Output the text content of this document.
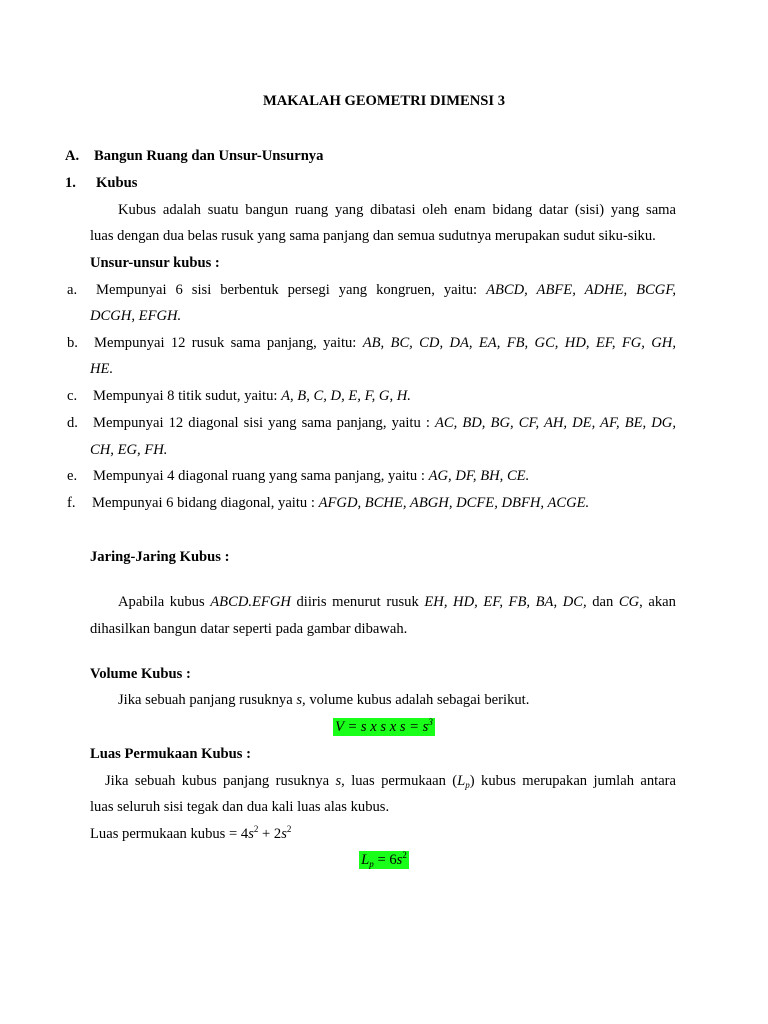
MAKALAH GEOMETRI DIMENSI 3
A. Bangun Ruang dan Unsur-Unsurnya
1. Kubus
Kubus adalah suatu bangun ruang yang dibatasi oleh enam bidang datar (sisi) yang sama
luas dengan dua belas rusuk yang sama panjang dan semua sudutnya merupakan sudut siku-siku.
Unsur-unsur kubus :
a. Mempunyai 6 sisi berbentuk persegi yang kongruen, yaitu: ABCD, ABFE, ADHE, BCGF,
DCGH, EFGH.
b. Mempunyai 12 rusuk sama panjang, yaitu: AB, BC, CD, DA, EA, FB, GC, HD, EF, FG, GH,
HE.
c. Mempunyai 8 titik sudut, yaitu: A, B, C, D, E, F, G, H.
d. Mempunyai 12 diagonal sisi yang sama panjang, yaitu : AC, BD, BG, CF, AH, DE, AF, BE, DG,
CH, EG, FH.
e. Mempunyai 4 diagonal ruang yang sama panjang, yaitu : AG, DF, BH, CE.
f. Mempunyai 6 bidang diagonal, yaitu : AFGD, BCHE, ABGH, DCFE, DBFH, ACGE.
Jaring-Jaring Kubus :
Apabila kubus ABCD.EFGH diiris menurut rusuk EH, HD, EF, FB, BA, DC, dan CG, akan
dihasilkan bangun datar seperti pada gambar dibawah.
Volume Kubus :
Jika sebuah panjang rusuknya s, volume kubus adalah sebagai berikut.
V = s x s x $s = s^3$
Luas Permukaan Kubus :
Jika sebuah kubus panjang rusuknya s, luas permukaan $(L_p)$ kubus merupakan jumlah antara
luas seluruh sisi tegak dan dua kali luas alas kubus.
Luas permukaan kubus = $4s^2 + 2s^2$
$L_p = 6s^2$
